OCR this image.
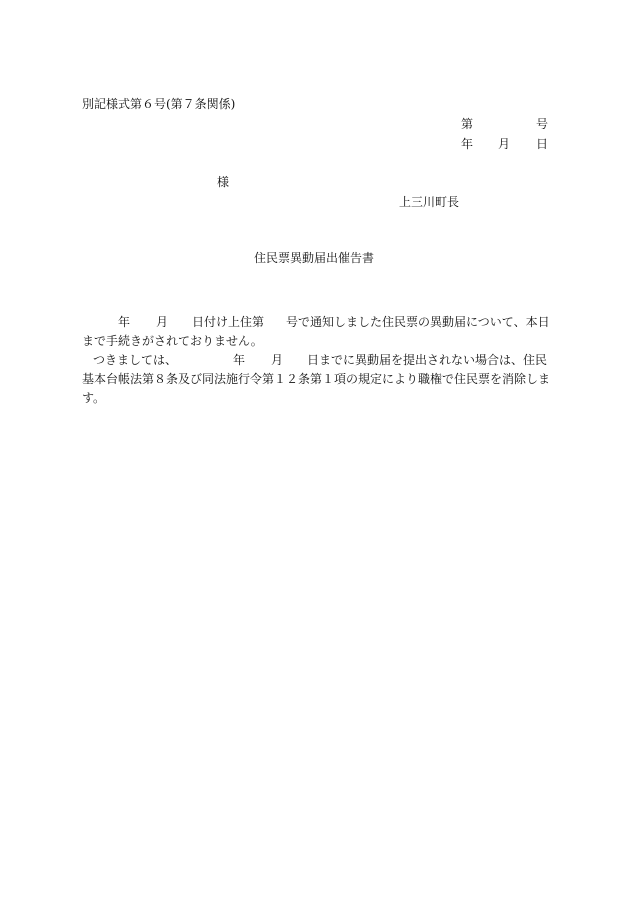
別記様式第６号(第７条関係)
第	号
年 月 日
様
上三川町長
住民票異動届出催告書

年 月 日付け上住第 号で通知しました住民票の異動届について、本日まで手続きがされておりません。

つきましては、	年 月 日までに異動届を提出されない場合は、住民基本台帳法第８条及び同法施行令第１２条第１項の規定により職権で住民票を消除します。
